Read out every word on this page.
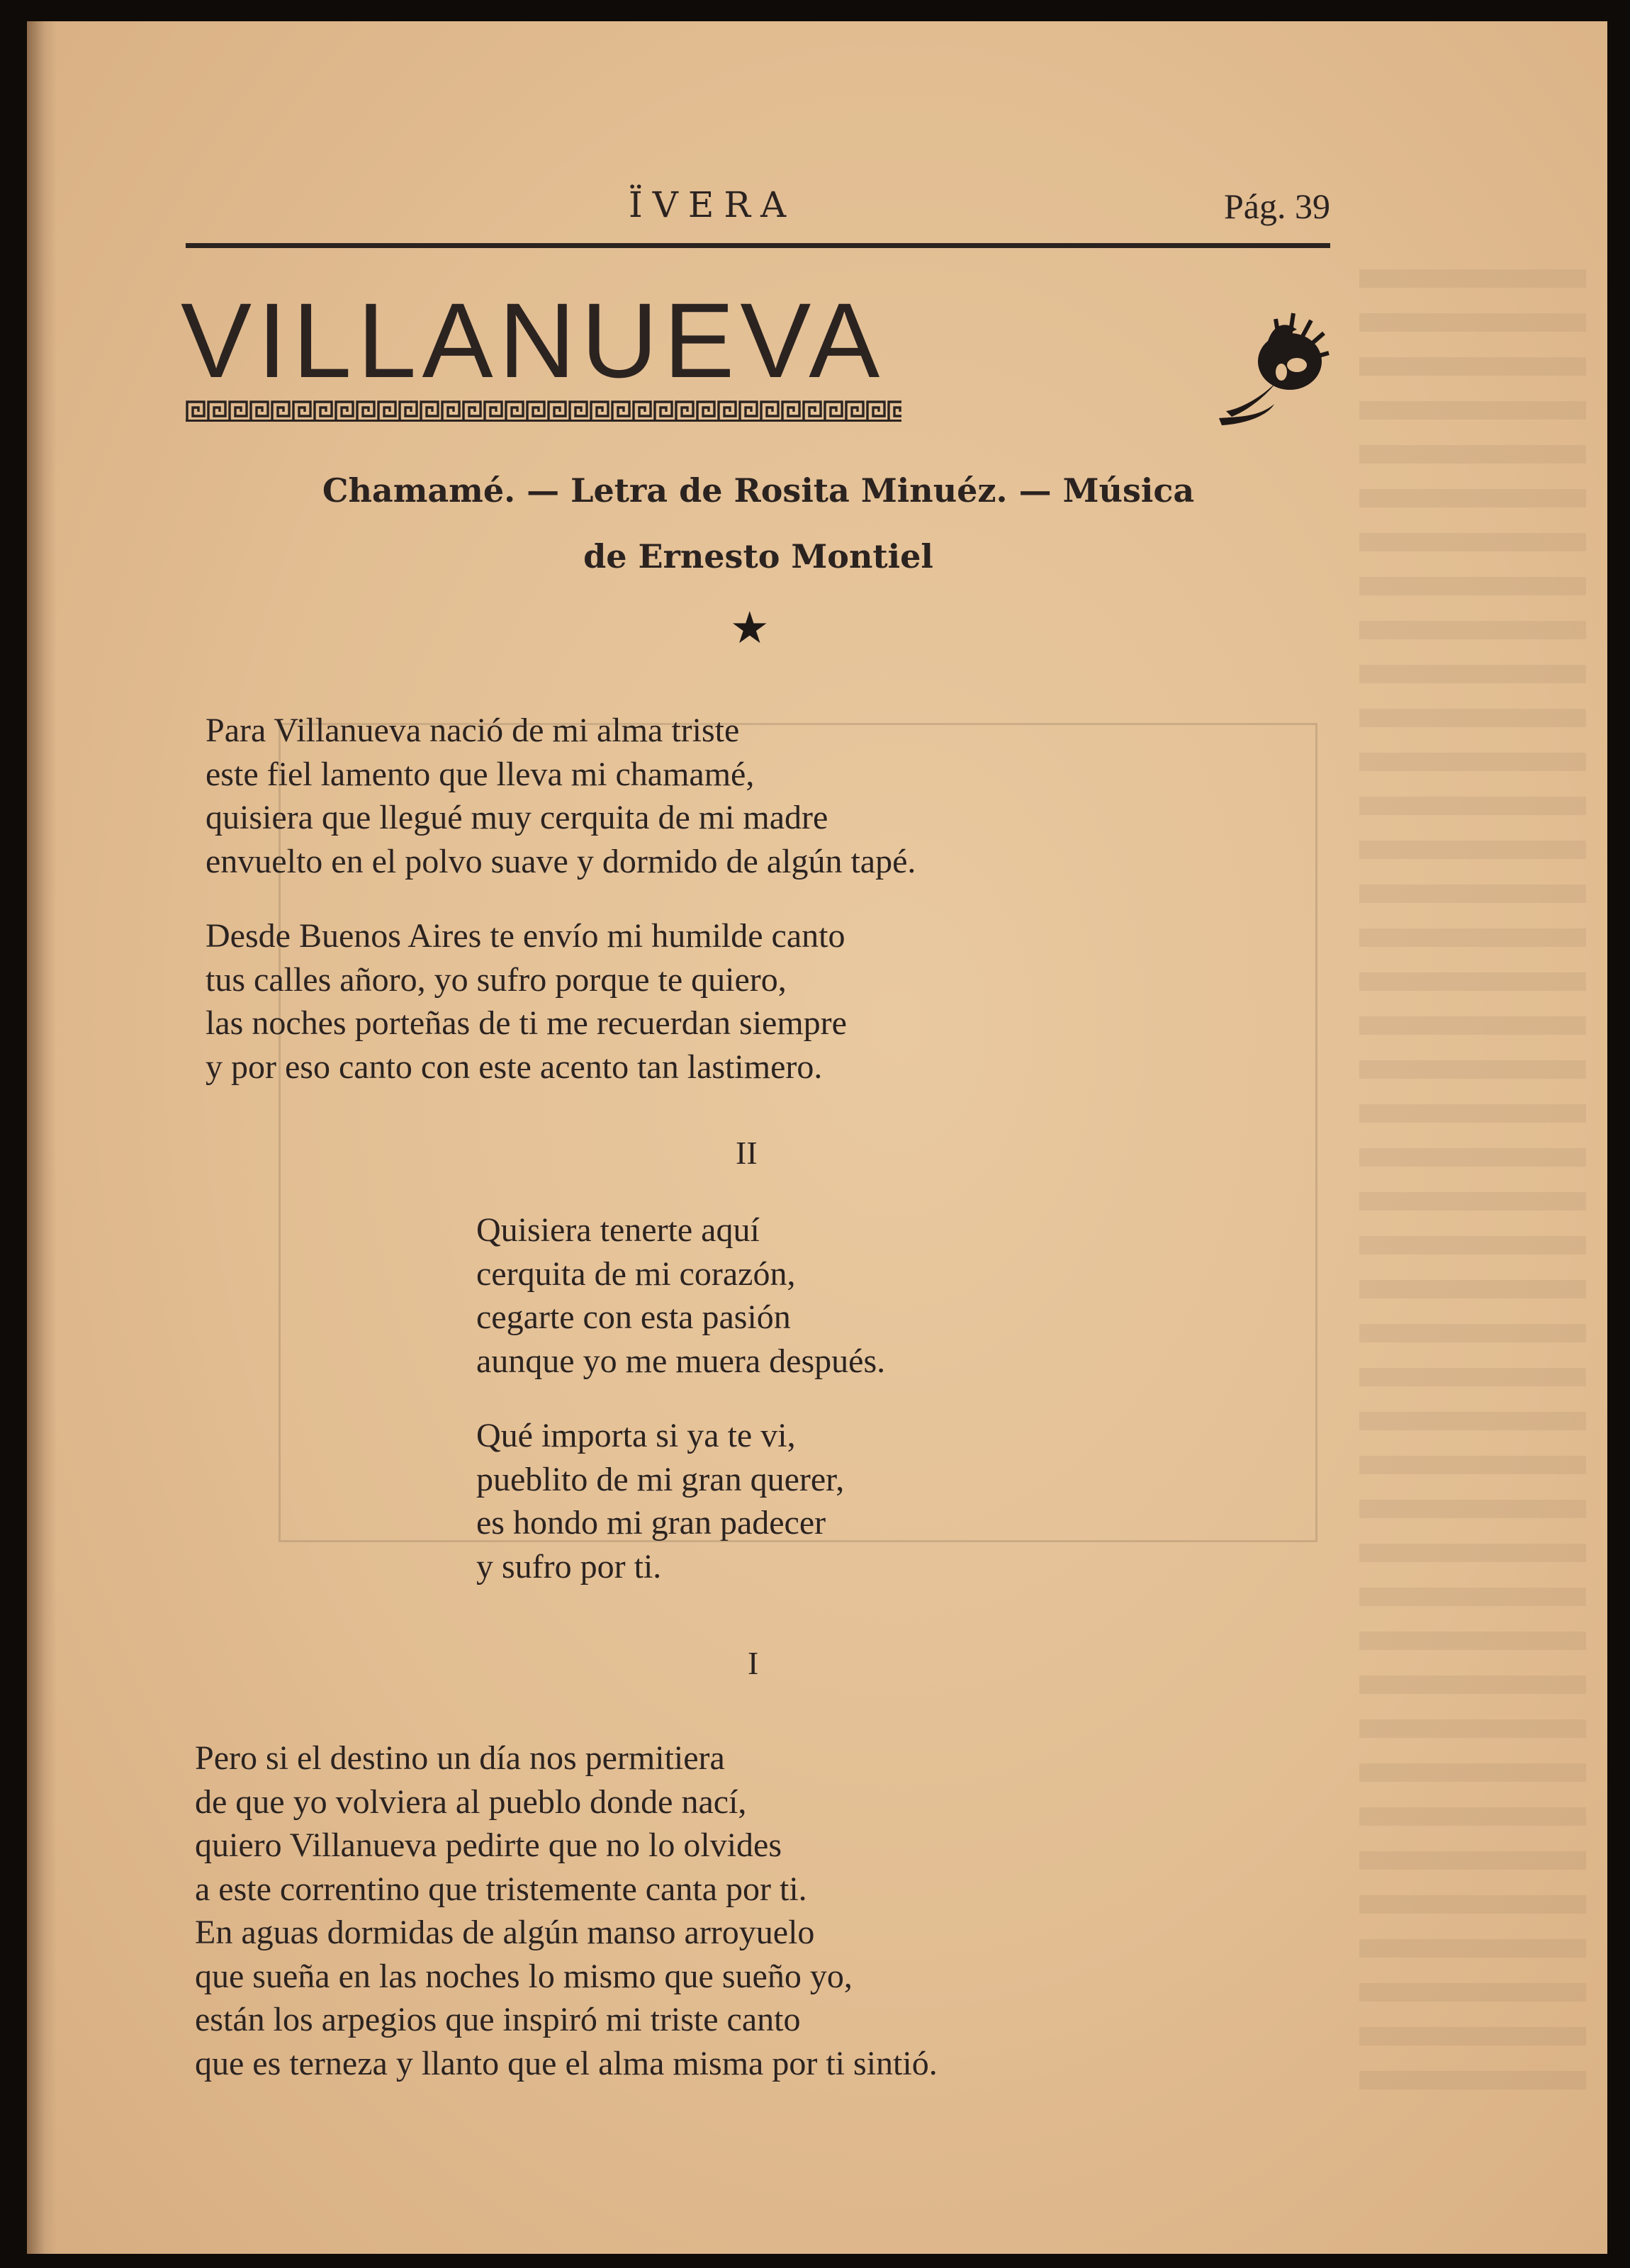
ÏVERA	Pág. 39
VILLANUEVA
Chamamé. — Letra de Rosita Minuéz. — Música
de Ernesto Montiel
★
Para Villanueva nació de mi alma triste
este fiel lamento que lleva mi chamamé,
quisiera que llegué muy cerquita de mi madre
envuelto en el polvo suave y dormido de algún tapé.
Desde Buenos Aires te envío mi humilde canto
tus calles añoro, yo sufro porque te quiero,
las noches porteñas de ti me recuerdan siempre
y por eso canto con este acento tan lastimero.
II
Quisiera tenerte aquí
cerquita de mi corazón,
cegarte con esta pasión
aunque yo me muera después.
Qué importa si ya te vi,
pueblito de mi gran querer,
es hondo mi gran padecer
y sufro por ti.
I
Pero si el destino un día nos permitiera
de que yo volviera al pueblo donde nací,
quiero Villanueva pedirte que no lo olvides
a este correntino que tristemente canta por ti.
En aguas dormidas de algún manso arroyuelo
que sueña en las noches lo mismo que sueño yo,
están los arpegios que inspiró mi triste canto
que es terneza y llanto que el alma misma por ti sintió.
